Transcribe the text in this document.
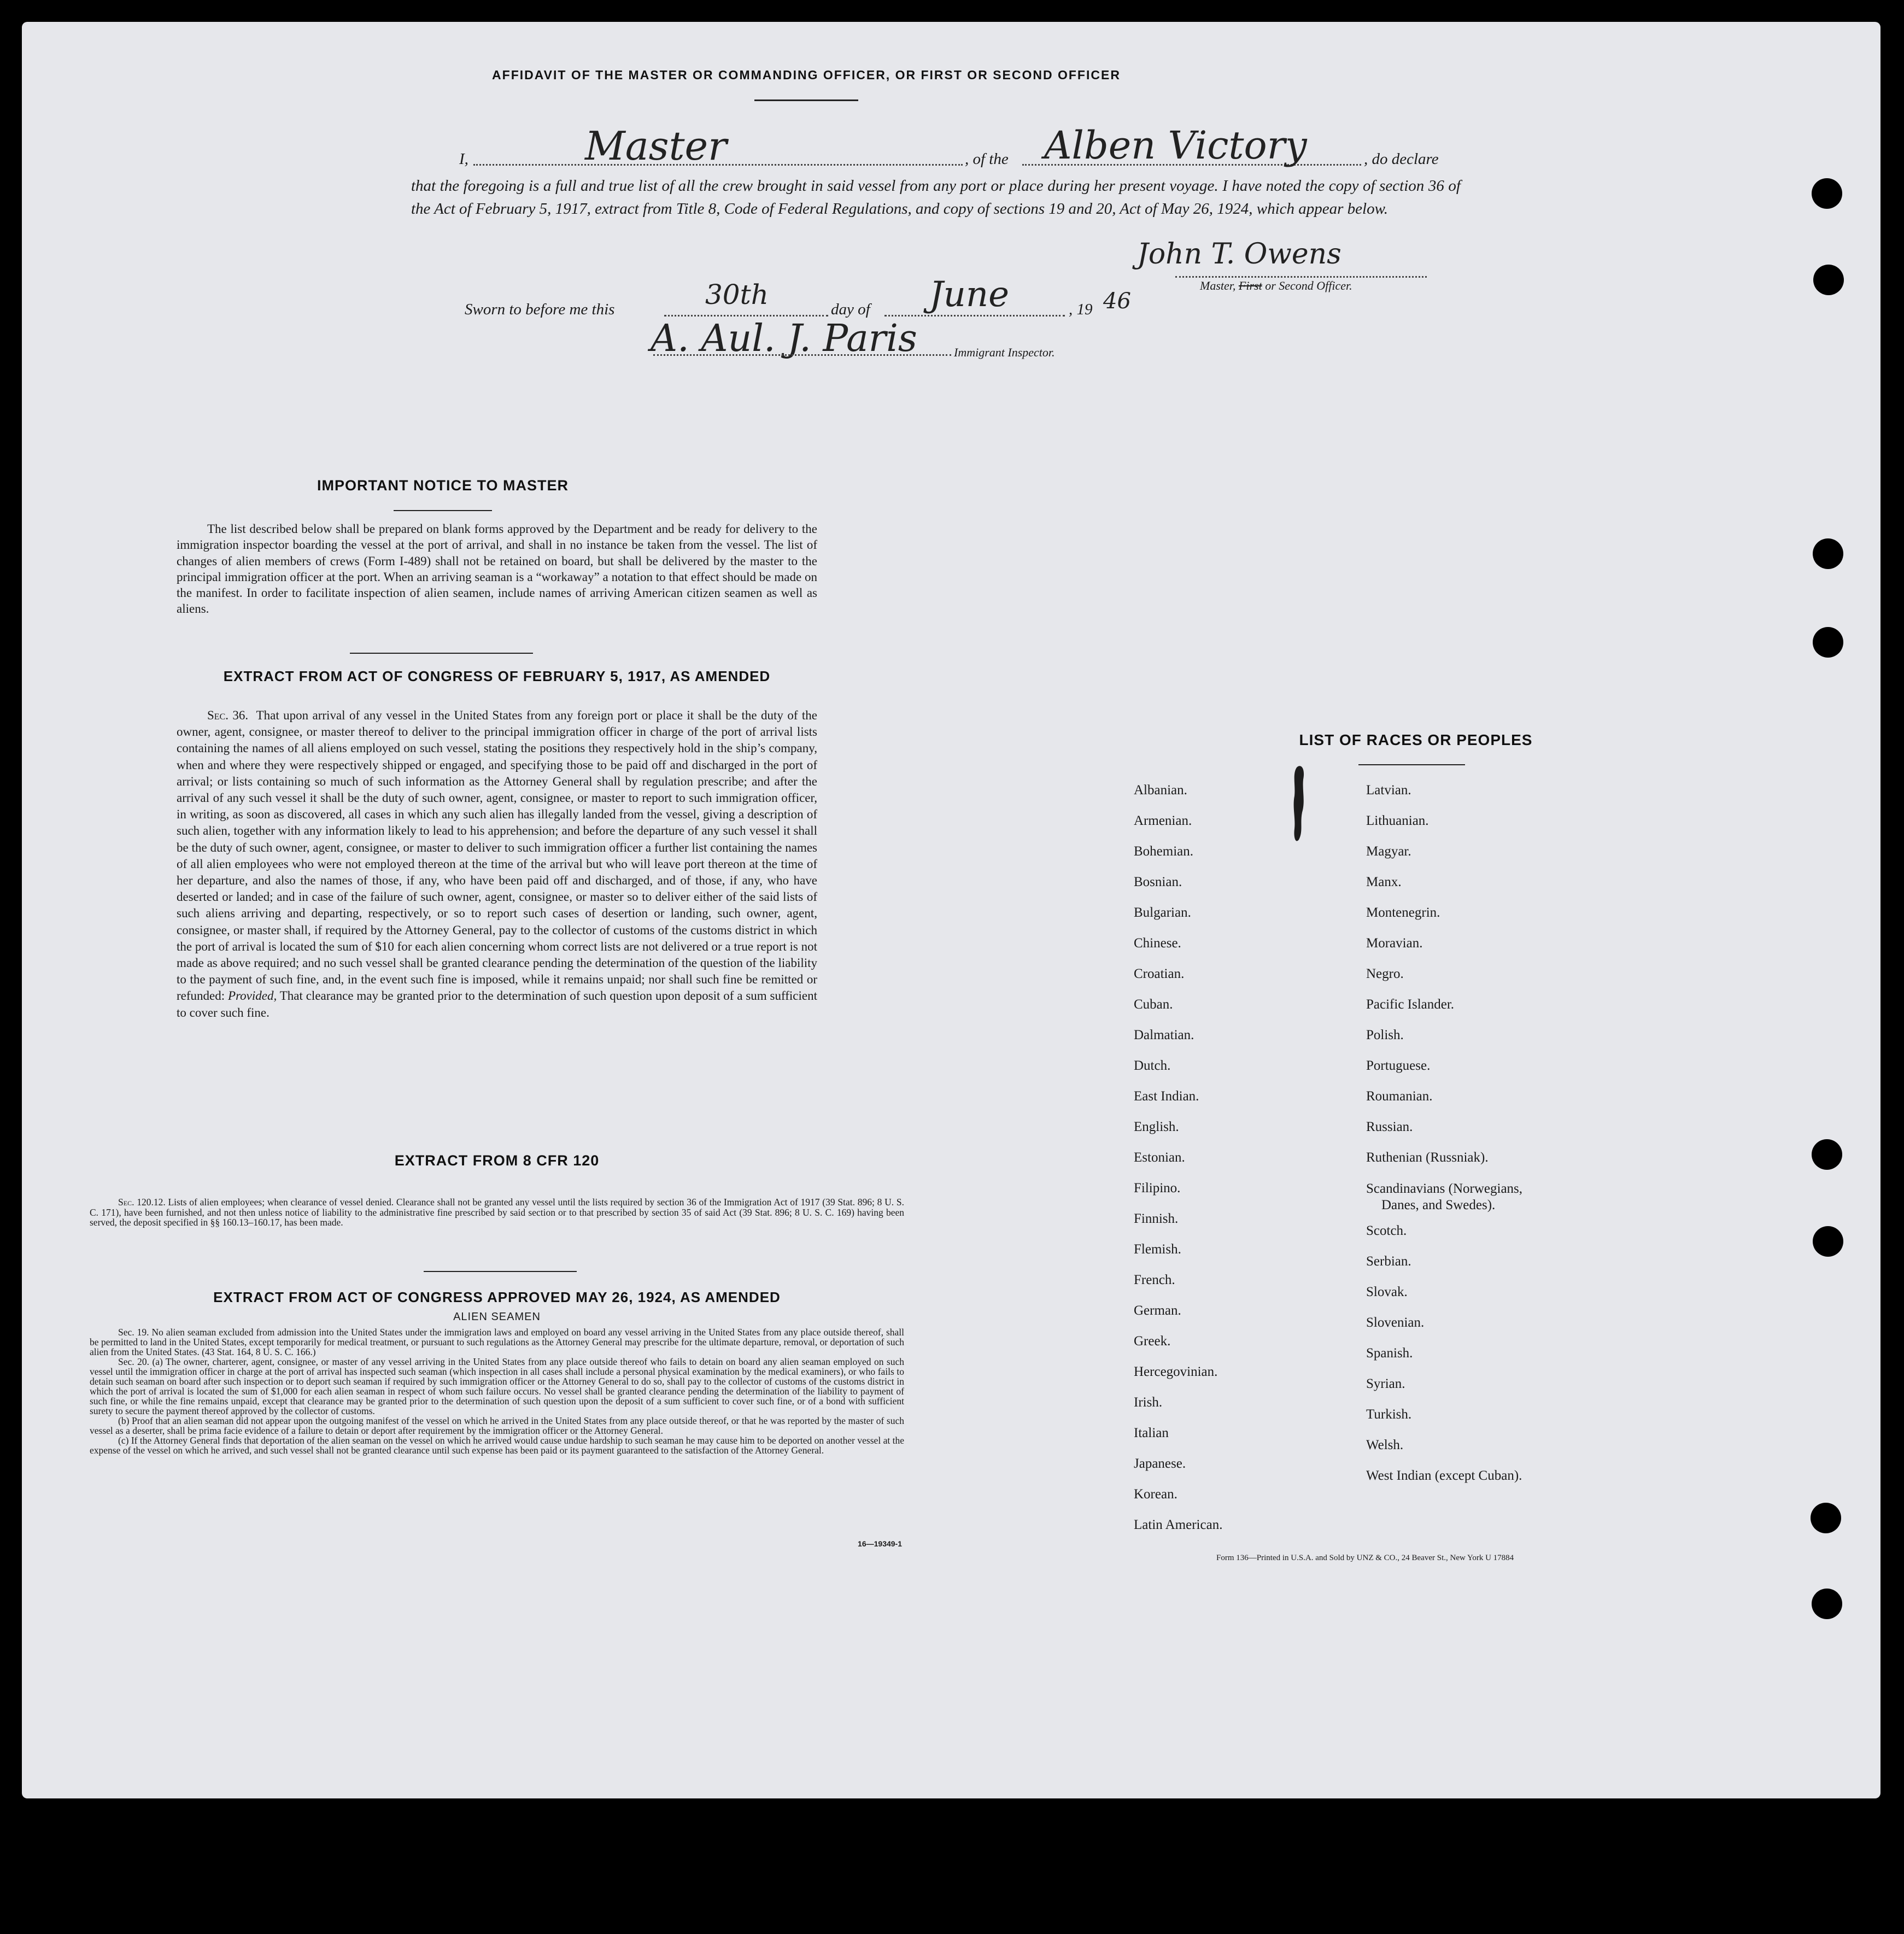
AFFIDAVIT OF THE MASTER OR COMMANDING OFFICER, OR FIRST OR SECOND OFFICER
I,	Master	, of the Alben Victory	, do declare
that the foregoing is a full and true list of all the crew brought in said vessel from any port or place during her present voyage. I have noted the copy of section 36 of the Act of February 5, 1917, extract from Title 8, Code of Federal Regulations, and copy of sections 19 and 20, Act of May 26, 1924, which appear below.
John T. Owens
Master, First or Second Officer.
Sworn to before me this	30th	day of June	, 19 46
A. Aul. J. Paris	Immigrant Inspector.
IMPORTANT NOTICE TO MASTER
The list described below shall be prepared on blank forms approved by the Department and be ready for delivery to the immigration inspector boarding the vessel at the port of arrival, and shall in no instance be taken from the vessel. The list of changes of alien members of crews (Form I-489) shall not be retained on board, but shall be delivered by the master to the principal immigration officer at the port. When an arriving seaman is a “workaway” a notation to that effect should be made on the manifest. In order to facilitate inspection of alien seamen, include names of arriving American citizen seamen as well as aliens.
EXTRACT FROM ACT OF CONGRESS OF FEBRUARY 5, 1917, AS AMENDED
Sec. 36. That upon arrival of any vessel in the United States from any foreign port or place it shall be the duty of the owner, agent, consignee, or master thereof to deliver to the principal immigration officer in charge of the port of arrival lists containing the names of all aliens employed on such vessel, stating the positions they respectively hold in the ship’s company, when and where they were respectively shipped or engaged, and specifying those to be paid off and discharged in the port of arrival; or lists containing so much of such information as the Attorney General shall by regulation prescribe; and after the arrival of any such vessel it shall be the duty of such owner, agent, consignee, or master to report to such immigration officer, in writing, as soon as discovered, all cases in which any such alien has illegally landed from the vessel, giving a description of such alien, together with any information likely to lead to his apprehension; and before the departure of any such vessel it shall be the duty of such owner, agent, consignee, or master to deliver to such immigration officer a further list containing the names of all alien employees who were not employed thereon at the time of the arrival but who will leave port thereon at the time of her departure, and also the names of those, if any, who have been paid off and discharged, and of those, if any, who have deserted or landed; and in case of the failure of such owner, agent, consignee, or master so to deliver either of the said lists of such aliens arriving and departing, respectively, or so to report such cases of desertion or landing, such owner, agent, consignee, or master shall, if required by the Attorney General, pay to the collector of customs of the customs district in which the port of arrival is located the sum of $10 for each alien concerning whom correct lists are not delivered or a true report is not made as above required; and no such vessel shall be granted clearance pending the determination of the question of the liability to the payment of such fine, and, in the event such fine is imposed, while it remains unpaid; nor shall such fine be remitted or refunded: Provided, That clearance may be granted prior to the determination of such question upon deposit of a sum sufficient to cover such fine.
EXTRACT FROM 8 CFR 120
Sec. 120.12. Lists of alien employees; when clearance of vessel denied. Clearance shall not be granted any vessel until the lists required by section 36 of the Immigration Act of 1917 (39 Stat. 896; 8 U. S. C. 171), have been furnished, and not then unless notice of liability to the administrative fine prescribed by said section or to that prescribed by section 35 of said Act (39 Stat. 896; 8 U. S. C. 169) having been served, the deposit specified in §§ 160.13–160.17, has been made.
EXTRACT FROM ACT OF CONGRESS APPROVED MAY 26, 1924, AS AMENDED
ALIEN SEAMEN
Sec. 19. No alien seaman excluded from admission into the United States under the immigration laws and employed on board any vessel arriving in the United States from any place outside thereof, shall be permitted to land in the United States, except temporarily for medical treatment, or pursuant to such regulations as the Attorney General may prescribe for the ultimate departure, removal, or deportation of such alien from the United States. (43 Stat. 164, 8 U. S. C. 166.)
Sec. 20. (a) The owner, charterer, agent, consignee, or master of any vessel arriving in the United States from any place outside thereof who fails to detain on board any alien seaman employed on such vessel until the immigration officer in charge at the port of arrival has inspected such seaman (which inspection in all cases shall include a personal physical examination by the medical examiners), or who fails to detain such seaman on board after such inspection or to deport such seaman if required by such immigration officer or the Attorney General to do so, shall pay to the collector of customs of the customs district in which the port of arrival is located the sum of $1,000 for each alien seaman in respect of whom such failure occurs. No vessel shall be granted clearance pending the determination of the liability to payment of such fine, or while the fine remains unpaid, except that clearance may be granted prior to the determination of such question upon the deposit of a sum sufficient to cover such fine, or of a bond with sufficient surety to secure the payment thereof approved by the collector of customs.
(b) Proof that an alien seaman did not appear upon the outgoing manifest of the vessel on which he arrived in the United States from any place outside thereof, or that he was reported by the master of such vessel as a deserter, shall be prima facie evidence of a failure to detain or deport after requirement by the immigration officer or the Attorney General.
(c) If the Attorney General finds that deportation of the alien seaman on the vessel on which he arrived would cause undue hardship to such seaman he may cause him to be deported on another vessel at the expense of the vessel on which he arrived, and such vessel shall not be granted clearance until such expense has been paid or its payment guaranteed to the satisfaction of the Attorney General.
16—19349-1
LIST OF RACES OR PEOPLES
Albanian.
Armenian.
Bohemian.
Bosnian.
Bulgarian.
Chinese.
Croatian.
Cuban.
Dalmatian.
Dutch.
East Indian.
English.
Estonian.
Filipino.
Finnish.
Flemish.
French.
German.
Greek.
Hercegovinian.
Irish.
Italian
Japanese.
Korean.
Latin American.
Latvian.
Lithuanian.
Magyar.
Manx.
Montenegrin.
Moravian.
Negro.
Pacific Islander.
Polish.
Portuguese.
Roumanian.
Russian.
Ruthenian (Russniak).
Scandinavians (Norwegians,
Danes, and Swedes).
Scotch.
Serbian.
Slovak.
Slovenian.
Spanish.
Syrian.
Turkish.
Welsh.
West Indian (except Cuban).
Form 136—Printed in U.S.A. and Sold by UNZ & CO., 24 Beaver St., New York U 17884
